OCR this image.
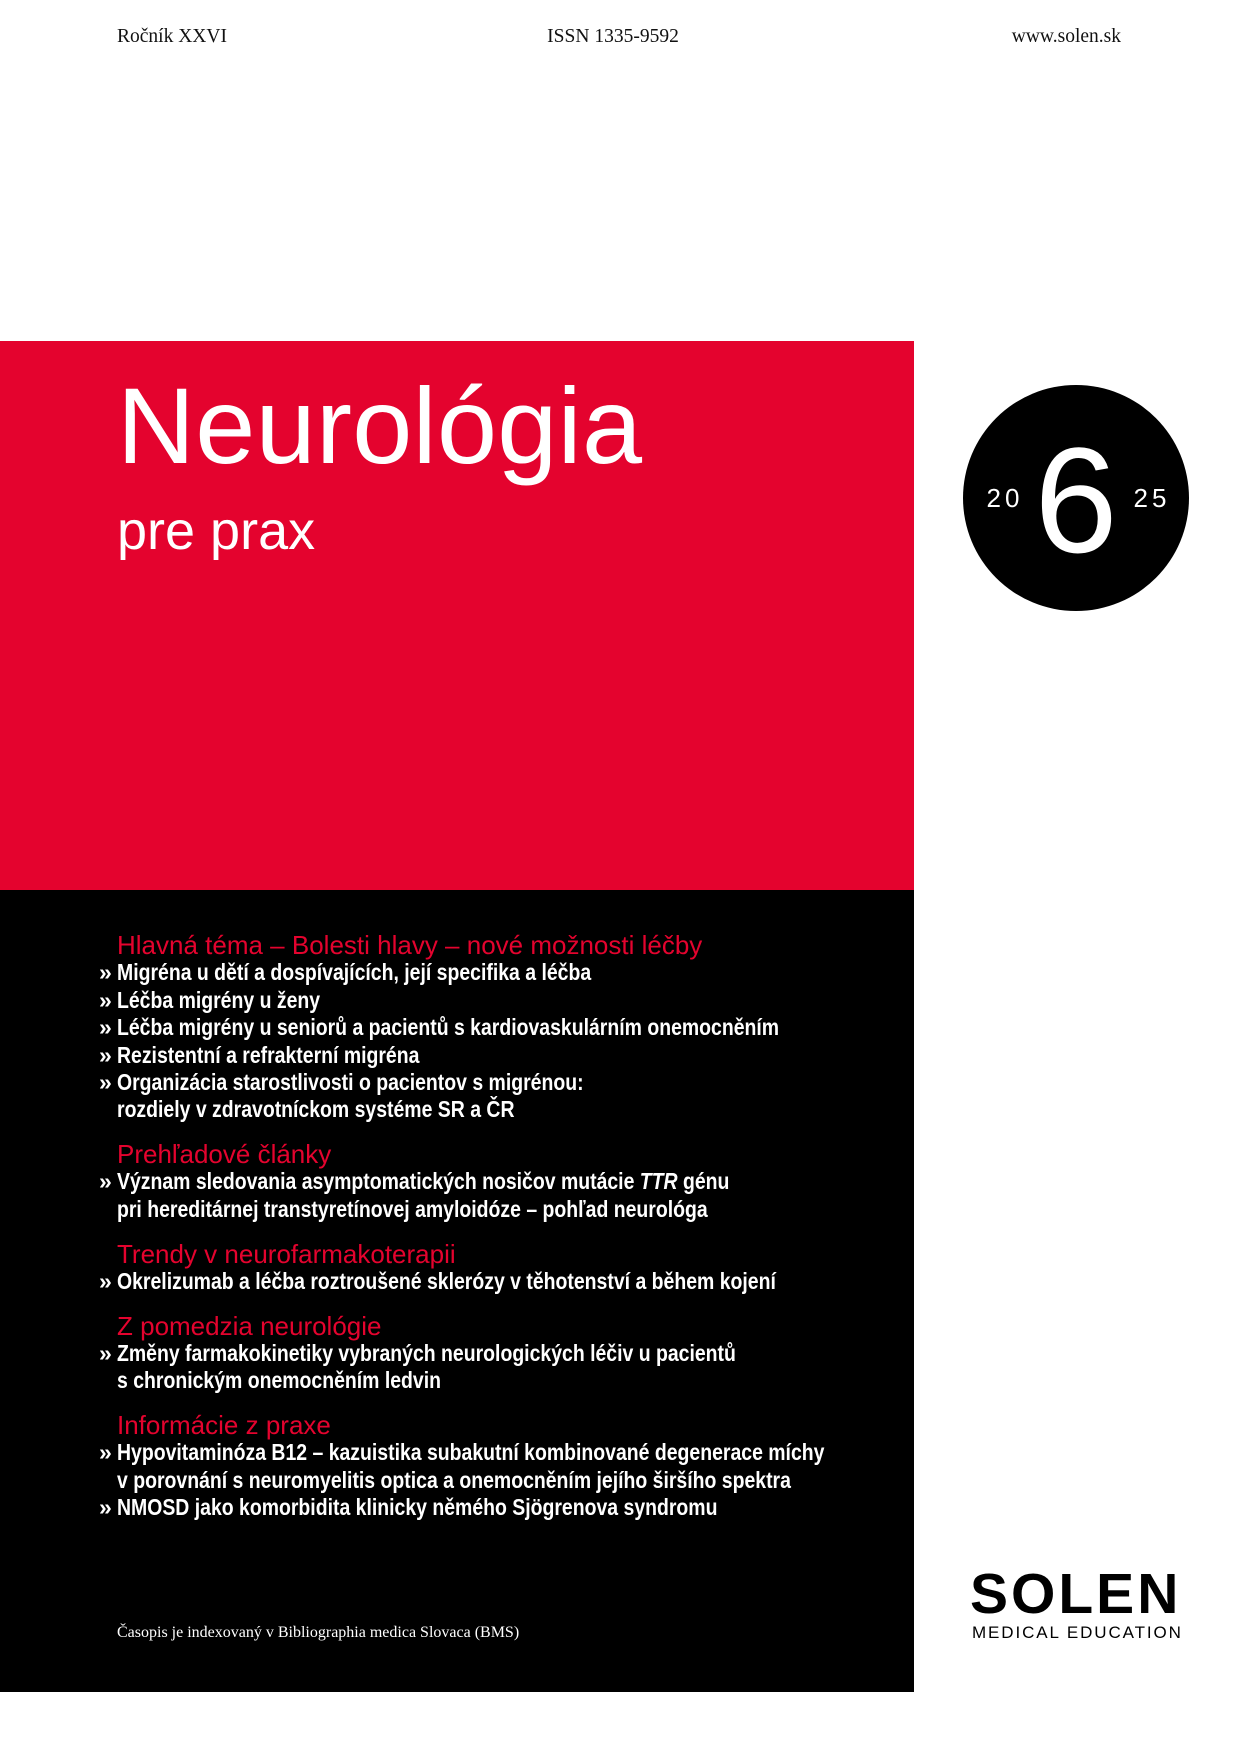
Ročník XXVI	ISSN 1335-9592	www.solen.sk
Neurológia
pre prax
20 6 25
Hlavná téma – Bolesti hlavy – nové možnosti léčby
» Migréna u dětí a dospívajících, její specifika a léčba
» Léčba migrény u ženy
» Léčba migrény u seniorů a pacientů s kardiovaskulárním onemocněním
» Rezistentní a refrakterní migréna
» Organizácia starostlivosti o pacientov s migrénou:
rozdiely v zdravotníckom systéme SR a ČR
Prehľadové články
» Význam sledovania asymptomatických nosičov mutácie TTR génu
pri hereditárnej transtyretínovej amyloidóze – pohľad neurológa
Trendy v neurofarmakoterapii
» Okrelizumab a léčba roztroušené sklerózy v těhotenství a během kojení
Z pomedzia neurológie
» Změny farmakokinetiky vybraných neurologických léčiv u pacientů
s chronickým onemocněním ledvin
Informácie z praxe
» Hypovitaminóza B12 – kazuistika subakutní kombinované degenerace míchy
v porovnání s neuromyelitis optica a onemocněním jejího širšího spektra
» NMOSD jako komorbidita klinicky němého Sjögrenova syndromu
Časopis je indexovaný v Bibliographia medica Slovaca (BMS)
SOLEN
MEDICAL EDUCATION
